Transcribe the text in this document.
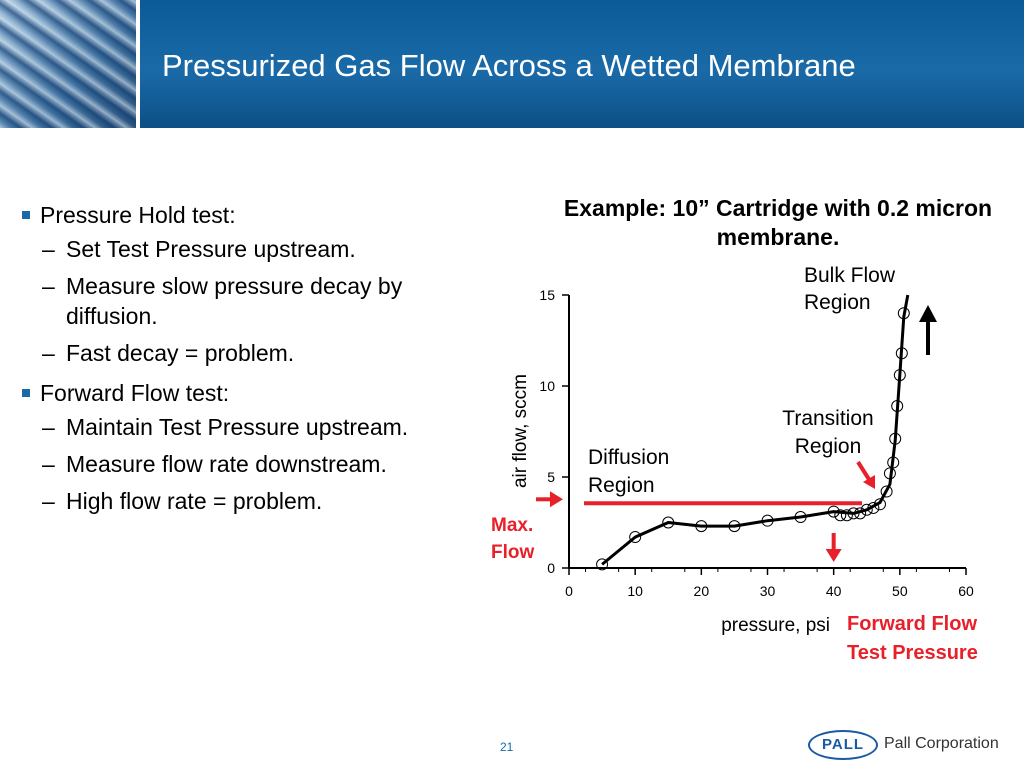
Pressurized Gas Flow Across a Wetted Membrane
Pressure Hold test:
– Set Test Pressure upstream.
– Measure slow pressure decay by diffusion.
– Fast decay = problem.
Forward Flow test:
– Maintain Test Pressure upstream.
– Measure flow rate downstream.
– High flow rate = problem.
Example: 10” Cartridge with 0.2 micron membrane.
0	10	20	30	40	50	60
0
5
10
15
pressure, psi
air flow, sccm
Bulk Flow Region
Transition Region
Diffusion Region
Max. Flow
Forward Flow Test Pressure
21	PALL	Pall Corporation
